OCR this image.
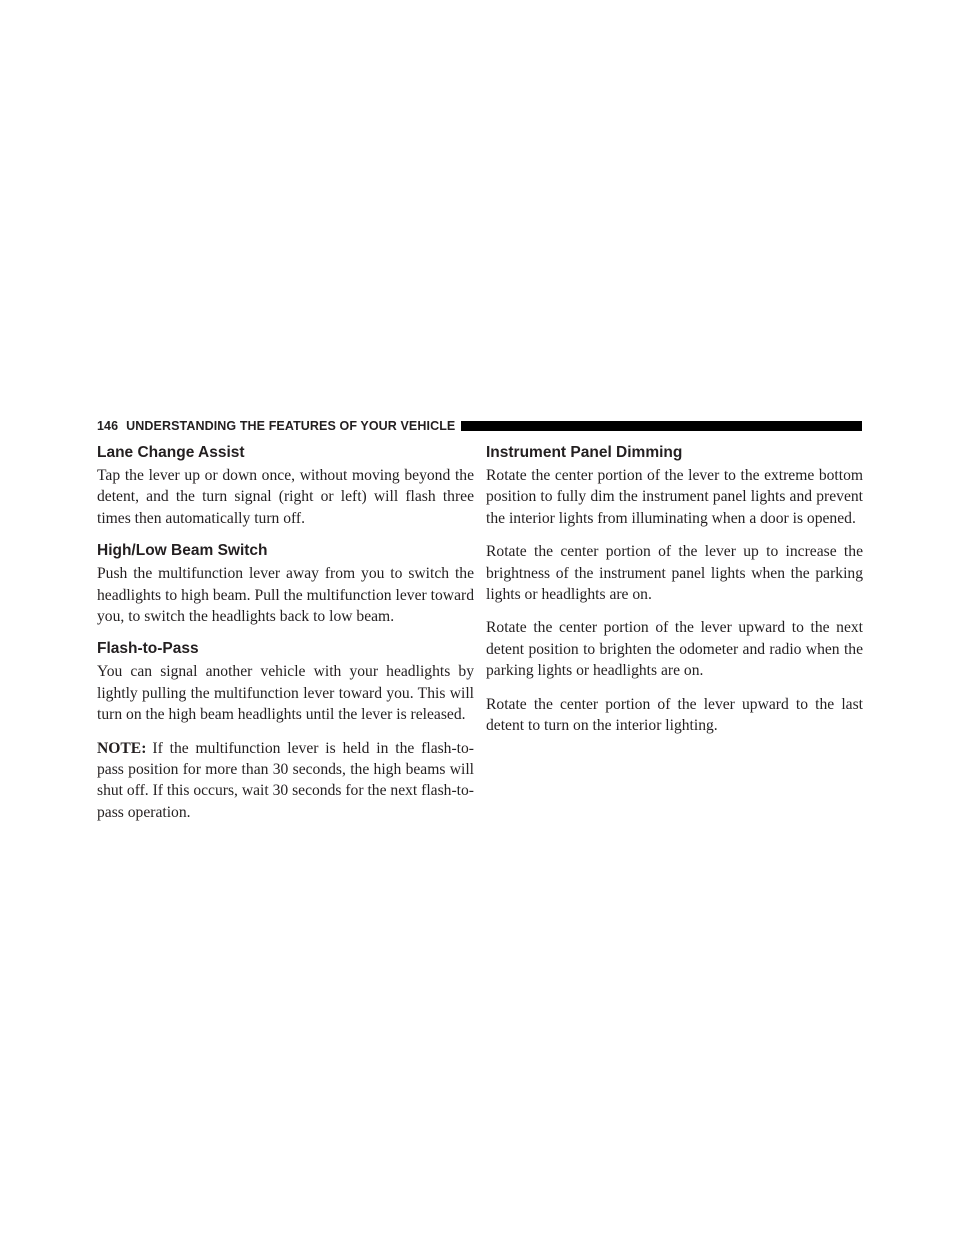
146 UNDERSTANDING THE FEATURES OF YOUR VEHICLE
Lane Change Assist

Tap the lever up or down once, without moving beyond the detent, and the turn signal (right or left) will flash three times then automatically turn off.

High/Low Beam Switch

Push the multifunction lever away from you to switch the headlights to high beam. Pull the multifunction lever toward you, to switch the headlights back to low beam.

Flash-to-Pass

You can signal another vehicle with your headlights by lightly pulling the multifunction lever toward you. This will turn on the high beam headlights until the lever is released.

NOTE: If the multifunction lever is held in the flash-to-pass position for more than 30 seconds, the high beams will shut off. If this occurs, wait 30 seconds for the next flash-to-pass operation.

Instrument Panel Dimming

Rotate the center portion of the lever to the extreme bottom position to fully dim the instrument panel lights and prevent the interior lights from illuminating when a door is opened.

Rotate the center portion of the lever up to increase the brightness of the instrument panel lights when the parking lights or headlights are on.

Rotate the center portion of the lever upward to the next detent position to brighten the odometer and radio when the parking lights or headlights are on.

Rotate the center portion of the lever upward to the last detent to turn on the interior lighting.
